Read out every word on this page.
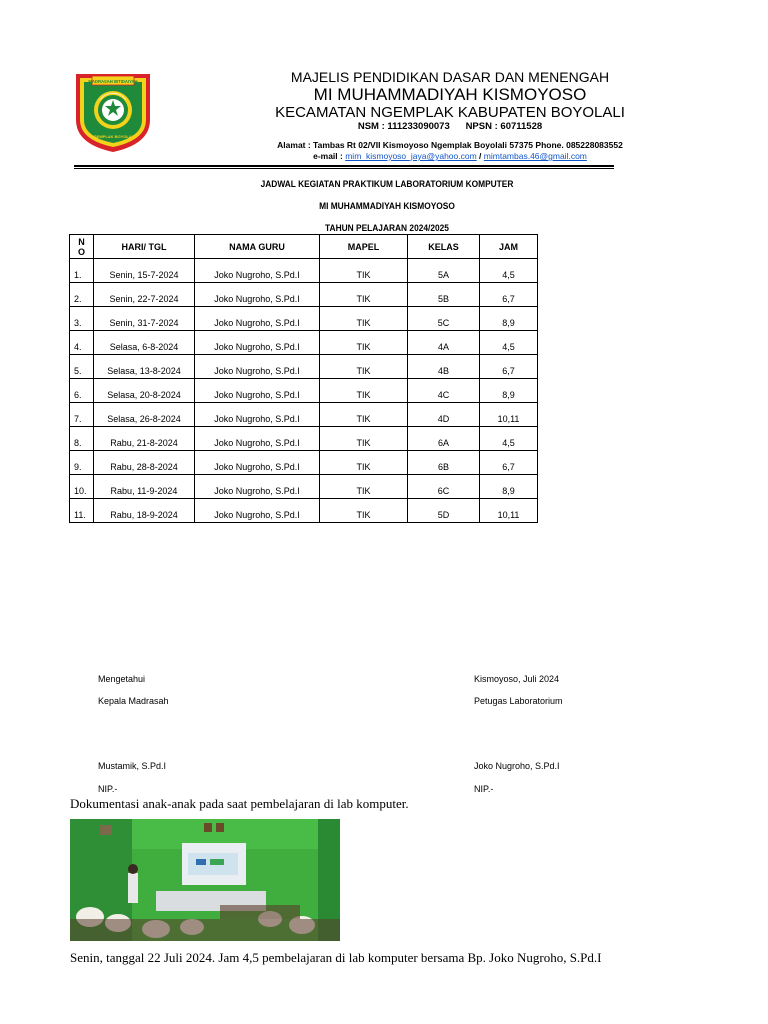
MADRASAH IBTIDAIYAH
NGEMPLAK BOYOLALI
MAJELIS PENDIDIKAN DASAR DAN MENENGAH
MI MUHAMMADIYAH KISMOYOSO
KECAMATAN NGEMPLAK KABUPATEN BOYOLALI
NSM : 111233090073      NPSN : 60711528
Alamat : Tambas Rt 02/VII Kismoyoso Ngemplak Boyolali 57375 Phone. 085228083552
e-mail : mim_kismoyoso_jaya@yahoo.com / mimtambas.46@gmail.com
JADWAL KEGIATAN PRAKTIKUM LABORATORIUM KOMPUTER
MI MUHAMMADIYAH KISMOYOSO
TAHUN PELAJARAN 2024/2025
N
O	HARI/ TGL	NAMA GURU	MAPEL	KELAS	JAM
1.	Senin, 15-7-2024	Joko Nugroho, S.Pd.I	TIK	5A	4,5
2.	Senin, 22-7-2024	Joko Nugroho, S.Pd.I	TIK	5B	6,7
3.	Senin, 31-7-2024	Joko Nugroho, S.Pd.I	TIK	5C	8,9
4.	Selasa, 6-8-2024	Joko Nugroho, S.Pd.I	TIK	4A	4,5
5.	Selasa, 13-8-2024	Joko Nugroho, S.Pd.I	TIK	4B	6,7
6.	Selasa, 20-8-2024	Joko Nugroho, S.Pd.I	TIK	4C	8,9
7.	Selasa, 26-8-2024	Joko Nugroho, S.Pd.I	TIK	4D	10,11
8.	Rabu, 21-8-2024	Joko Nugroho, S.Pd.I	TIK	6A	4,5
9.	Rabu, 28-8-2024	Joko Nugroho, S.Pd.I	TIK	6B	6,7
10.	Rabu, 11-9-2024	Joko Nugroho, S.Pd.I	TIK	6C	8,9
11.	Rabu, 18-9-2024	Joko Nugroho, S.Pd.I	TIK	5D	10,11
Mengetahui
Kepala Madrasah
Mustamik, S.Pd.I
NIP.-
Kismoyoso, Juli 2024
Petugas Laboratorium
Joko Nugroho, S.Pd.I
NIP.-
Dokumentasi anak-anak pada saat pembelajaran di lab komputer.
Senin, tanggal 22 Juli 2024. Jam 4,5 pembelajaran di lab komputer bersama Bp. Joko Nugroho, S.Pd.I
